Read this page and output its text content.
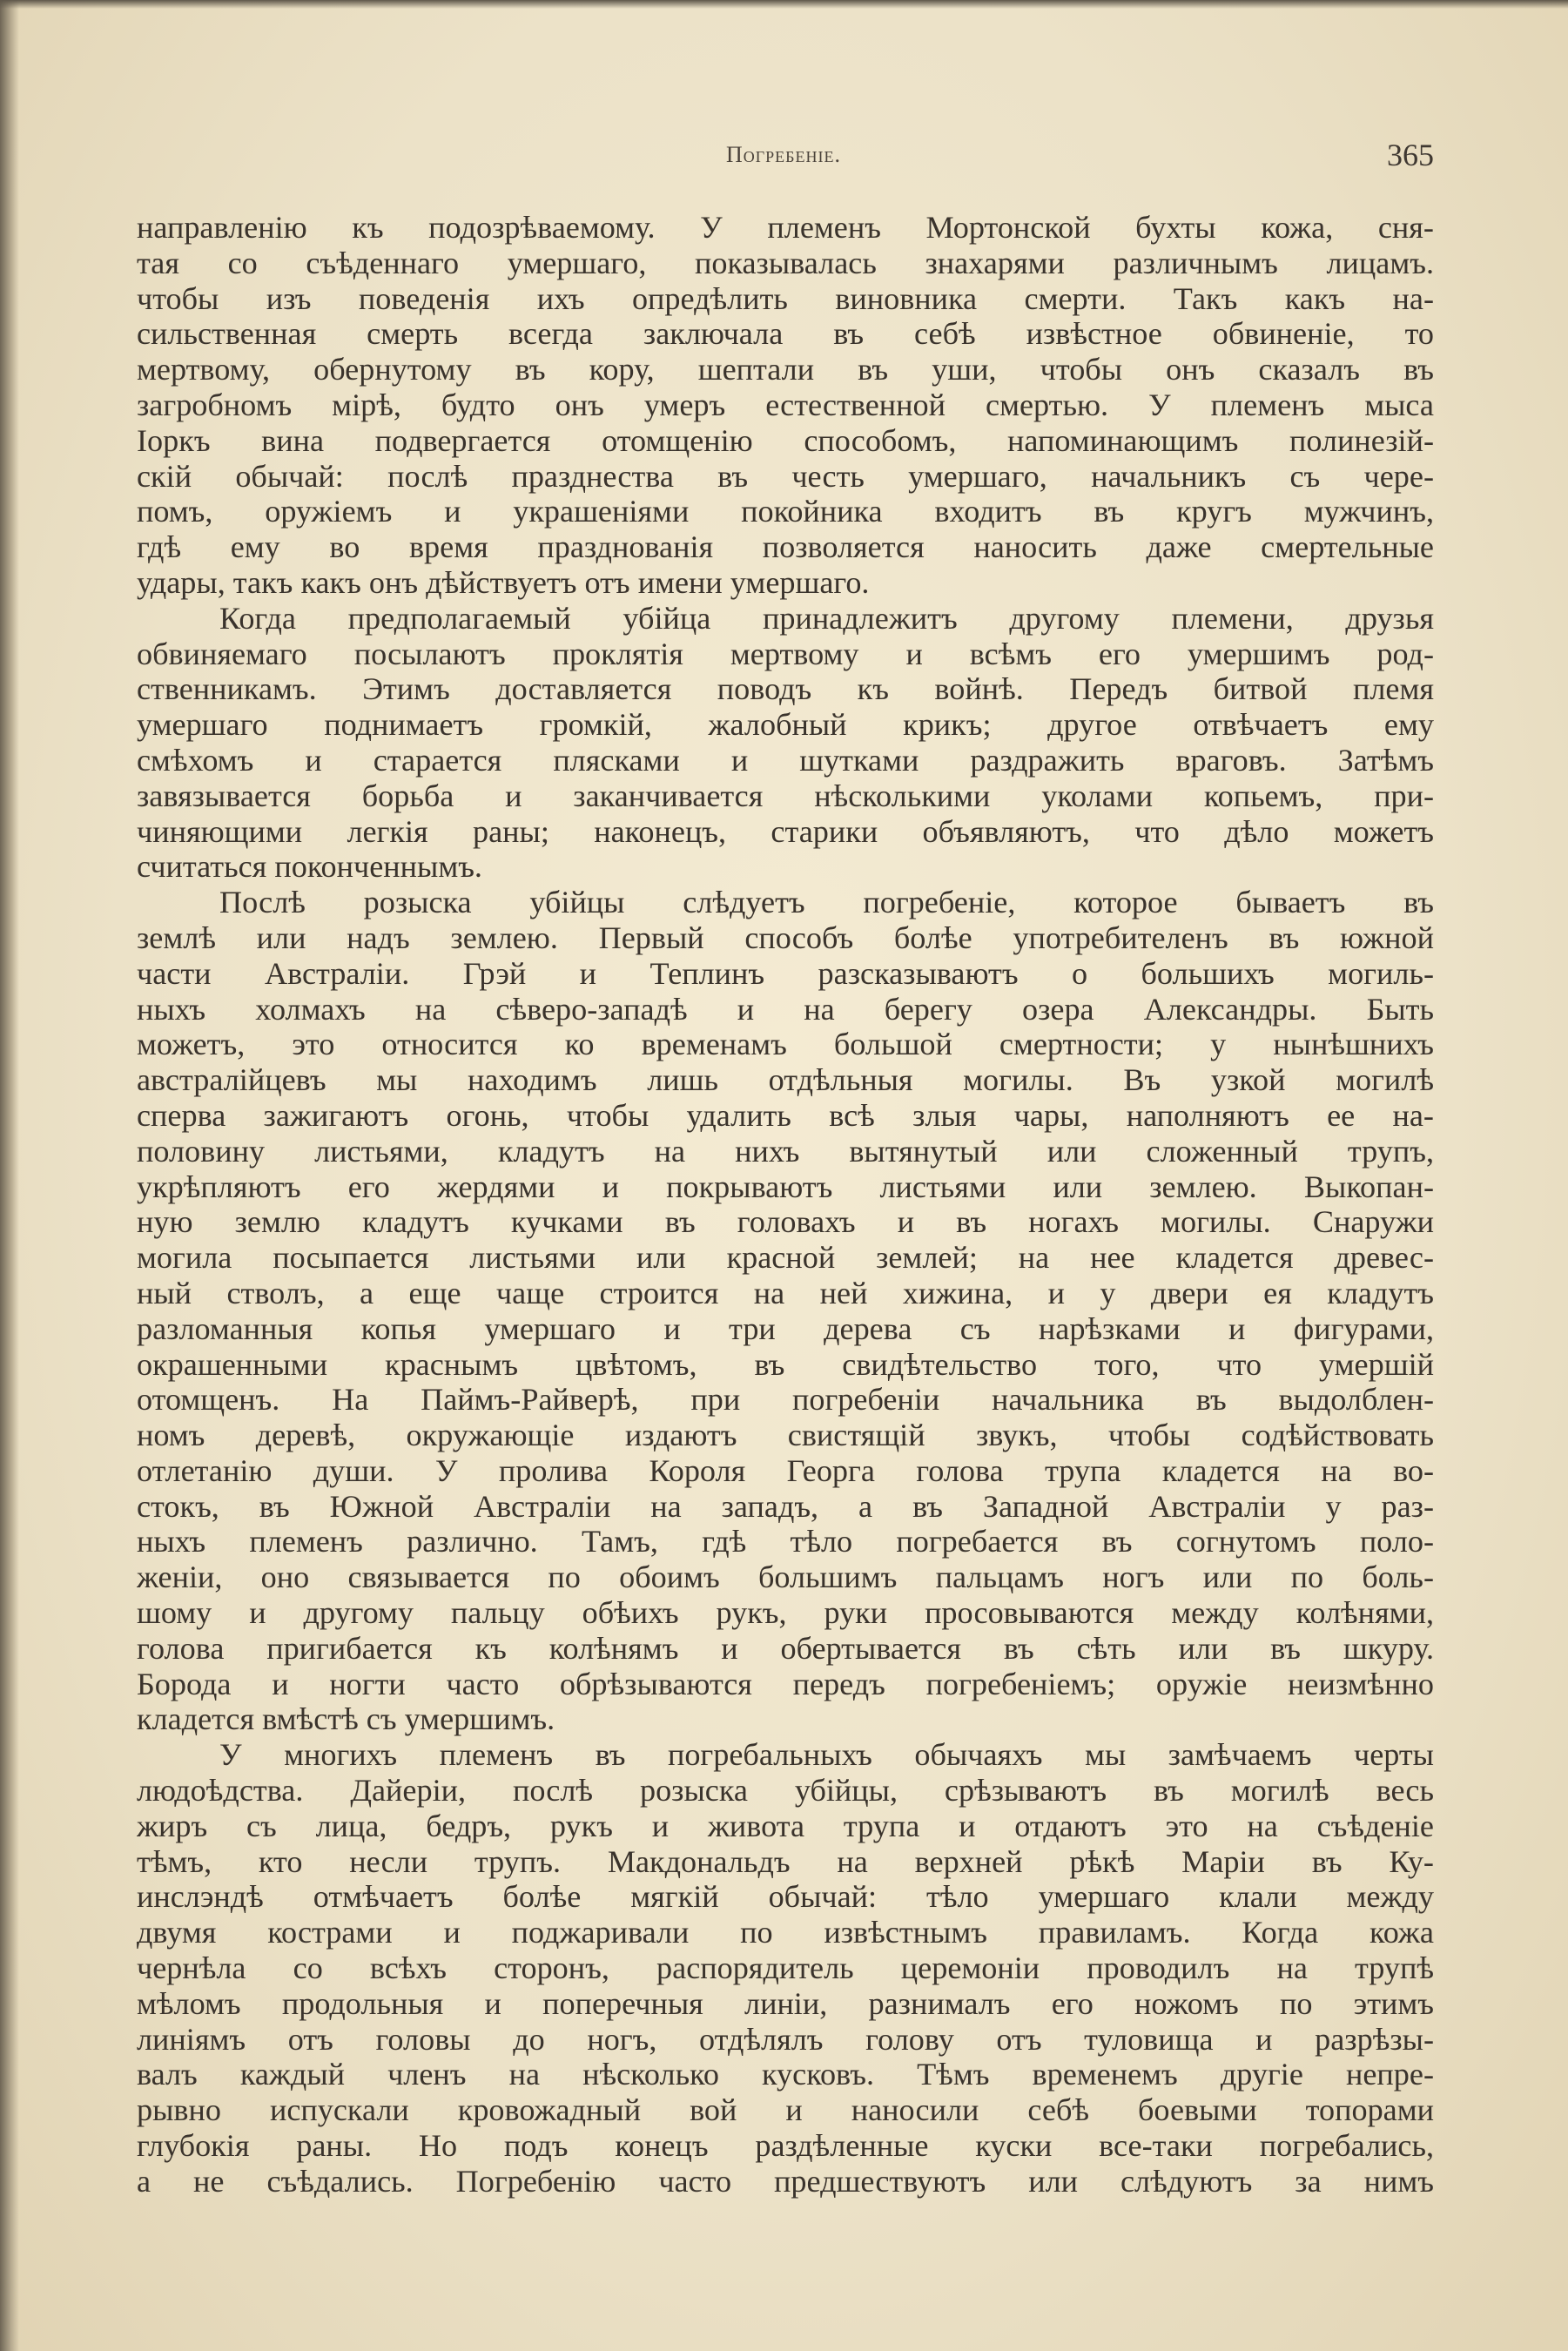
Погребеніе.	365
направленію къ подозрѣваемому. У племенъ Мортонской бухты кожа, сня-
тая со съѣденнаго умершаго, показывалась знахарями различнымъ лицамъ.
чтобы изъ поведенія ихъ опредѣлить виновника смерти. Такъ какъ на-
сильственная смерть всегда заключала въ себѣ извѣстное обвиненіе, то
мертвому, обернутому въ кору, шептали въ уши, чтобы онъ сказалъ въ
загробномъ мірѣ, будто онъ умеръ естественной смертью. У племенъ мыса
Іоркъ вина подвергается отомщенію способомъ, напоминающимъ полинезій-
скій обычай: послѣ празднества въ честь умершаго, начальникъ съ чере-
помъ, оружіемъ и украшеніями покойника входитъ въ кругъ мужчинъ,
гдѣ ему во время празднованія позволяется наносить даже смертельные
удары, такъ какъ онъ дѣйствуетъ отъ имени умершаго.
Когда предполагаемый убійца принадлежитъ другому племени, друзья
обвиняемаго посылаютъ проклятія мертвому и всѣмъ его умершимъ род-
ственникамъ. Этимъ доставляется поводъ къ войнѣ. Передъ битвой племя
умершаго поднимаетъ громкій, жалобный крикъ; другое отвѣчаетъ ему
смѣхомъ и старается плясками и шутками раздражить враговъ. Затѣмъ
завязывается борьба и заканчивается нѣсколькими уколами копьемъ, при-
чиняющими легкія раны; наконецъ, старики объявляютъ, что дѣло можетъ
считаться поконченнымъ.
Послѣ розыска убійцы слѣдуетъ погребеніе, которое бываетъ въ
землѣ или надъ землею. Первый способъ болѣе употребителенъ въ южной
части Австраліи. Грэй и Теплинъ разсказываютъ о большихъ могиль-
ныхъ холмахъ на сѣверо-западѣ и на берегу озера Александры. Быть
можетъ, это относится ко временамъ большой смертности; у нынѣшнихъ
австралійцевъ мы находимъ лишь отдѣльныя могилы. Въ узкой могилѣ
сперва зажигаютъ огонь, чтобы удалить всѣ злыя чары, наполняютъ ее на-
половину листьями, кладутъ на нихъ вытянутый или сложенный трупъ,
укрѣпляютъ его жердями и покрываютъ листьями или землею. Выкопан-
ную землю кладутъ кучками въ головахъ и въ ногахъ могилы. Снаружи
могила посыпается листьями или красной землей; на нее кладется древес-
ный стволъ, а еще чаще строится на ней хижина, и у двери ея кладутъ
разломанныя копья умершаго и три дерева съ нарѣзками и фигурами,
окрашенными краснымъ цвѣтомъ, въ свидѣтельство того, что умершій
отомщенъ. На Паймъ-Райверѣ, при погребеніи начальника въ выдолблен-
номъ деревѣ, окружающіе издаютъ свистящій звукъ, чтобы содѣйствовать
отлетанію души. У пролива Короля Георга голова трупа кладется на во-
стокъ, въ Южной Австраліи на западъ, а въ Западной Австраліи у раз-
ныхъ племенъ различно. Тамъ, гдѣ тѣло погребается въ согнутомъ поло-
женіи, оно связывается по обоимъ большимъ пальцамъ ногъ или по боль-
шому и другому пальцу обѣихъ рукъ, руки просовываются между колѣнями,
голова пригибается къ колѣнямъ и обертывается въ сѣть или въ шкуру.
Борода и ногти часто обрѣзываются передъ погребеніемъ; оружіе неизмѣнно
кладется вмѣстѣ съ умершимъ.
У многихъ племенъ въ погребальныхъ обычаяхъ мы замѣчаемъ черты
людоѣдства. Дайеріи, послѣ розыска убійцы, срѣзываютъ въ могилѣ весь
жиръ съ лица, бедръ, рукъ и живота трупа и отдаютъ это на съѣденіе
тѣмъ, кто несли трупъ. Макдональдъ на верхней рѣкѣ Маріи въ Ку-
инслэндѣ отмѣчаетъ болѣе мягкій обычай: тѣло умершаго клали между
двумя кострами и поджаривали по извѣстнымъ правиламъ. Когда кожа
чернѣла со всѣхъ сторонъ, распорядитель церемоніи проводилъ на трупѣ
мѣломъ продольныя и поперечныя линіи, разнималъ его ножомъ по этимъ
линіямъ отъ головы до ногъ, отдѣлялъ голову отъ туловища и разрѣзы-
валъ каждый членъ на нѣсколько кусковъ. Тѣмъ временемъ другіе непре-
рывно испускали кровожадный вой и наносили себѣ боевыми топорами
глубокія раны. Но подъ конецъ раздѣленные куски все-таки погребались,
а не съѣдались. Погребенію часто предшествуютъ или слѣдуютъ за нимъ
